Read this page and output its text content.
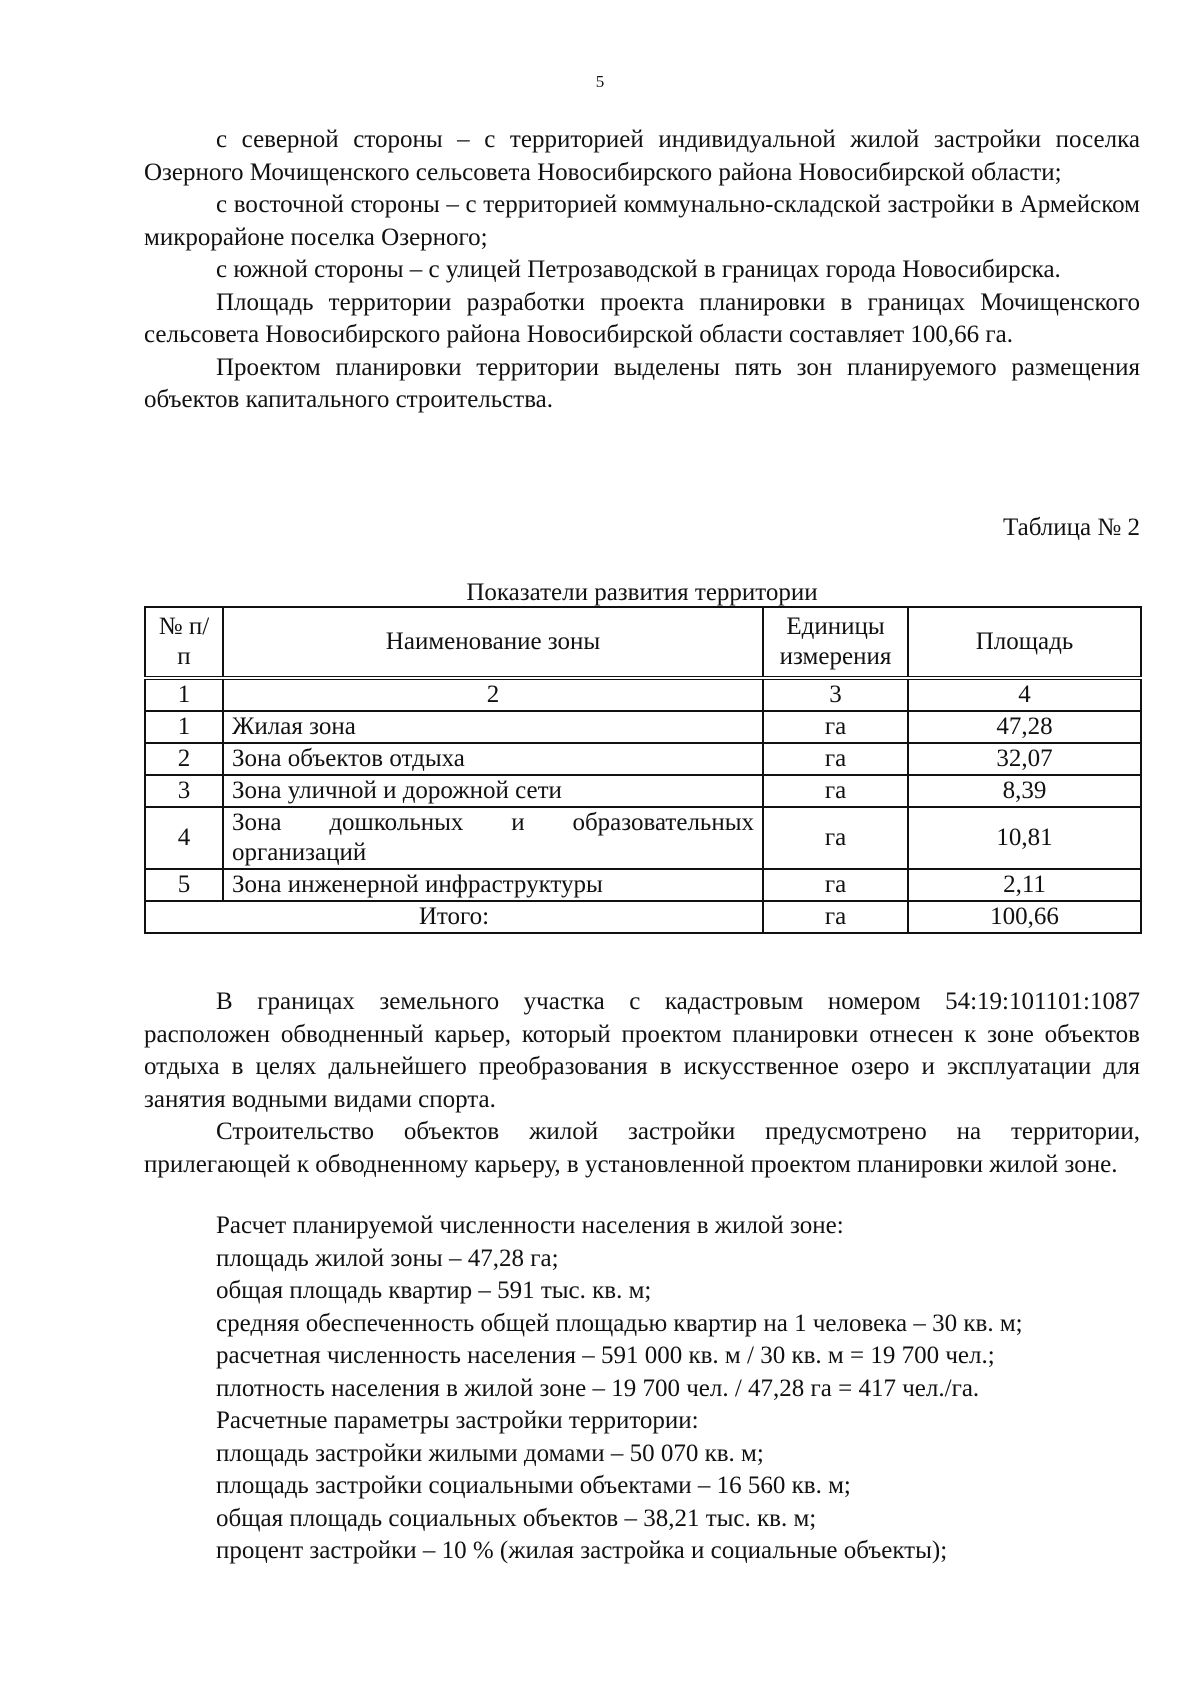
5

с северной стороны – с территорией индивидуальной жилой застройки поселка Озерного Мочищенского сельсовета Новосибирского района Новосибирской области;

с восточной стороны – с территорией коммунально-складской застройки в Армейском микрорайоне поселка Озерного;

с южной стороны – с улицей Петрозаводской в границах города Новосибирска.

Площадь территории разработки проекта планировки в границах Мочищенского сельсовета Новосибирского района Новосибирской области составляет 100,66 га.

Проектом планировки территории выделены пять зон планируемого размещения объектов капитального строительства.

Таблица № 2
Показатели развития территории
№ п/п	Наименование зоны	Единицы измерения	Площадь
1	2	3	4
1	Жилая зона	га	47,28
2	Зона объектов отдыха	га	32,07
3	Зона уличной и дорожной сети	га	8,39
4	Зона дошкольных и образовательных организаций	га	10,81
5	Зона инженерной инфраструктуры	га	2,11
Итого:		га	100,66

В границах земельного участка с кадастровым номером 54:19:101101:1087 расположен обводненный карьер, который проектом планировки отнесен к зоне объектов отдыха в целях дальнейшего преобразования в искусственное озеро и эксплуатации для занятия водными видами спорта.

Строительство объектов жилой застройки предусмотрено на территории, прилегающей к обводненному карьеру, в установленной проектом планировки жилой зоне.

Расчет планируемой численности населения в жилой зоне:

площадь жилой зоны – 47,28 га;

общая площадь квартир – 591 тыс. кв. м;

средняя обеспеченность общей площадью квартир на 1 человека – 30 кв. м;

расчетная численность населения – 591 000 кв. м / 30 кв. м = 19 700 чел.;

плотность населения в жилой зоне – 19 700 чел. / 47,28 га = 417 чел./га.

Расчетные параметры застройки территории:

площадь застройки жилыми домами – 50 070 кв. м;

площадь застройки социальными объектами – 16 560 кв. м;

общая площадь социальных объектов – 38,21 тыс. кв. м;

процент застройки – 10 % (жилая застройка и социальные объекты);
